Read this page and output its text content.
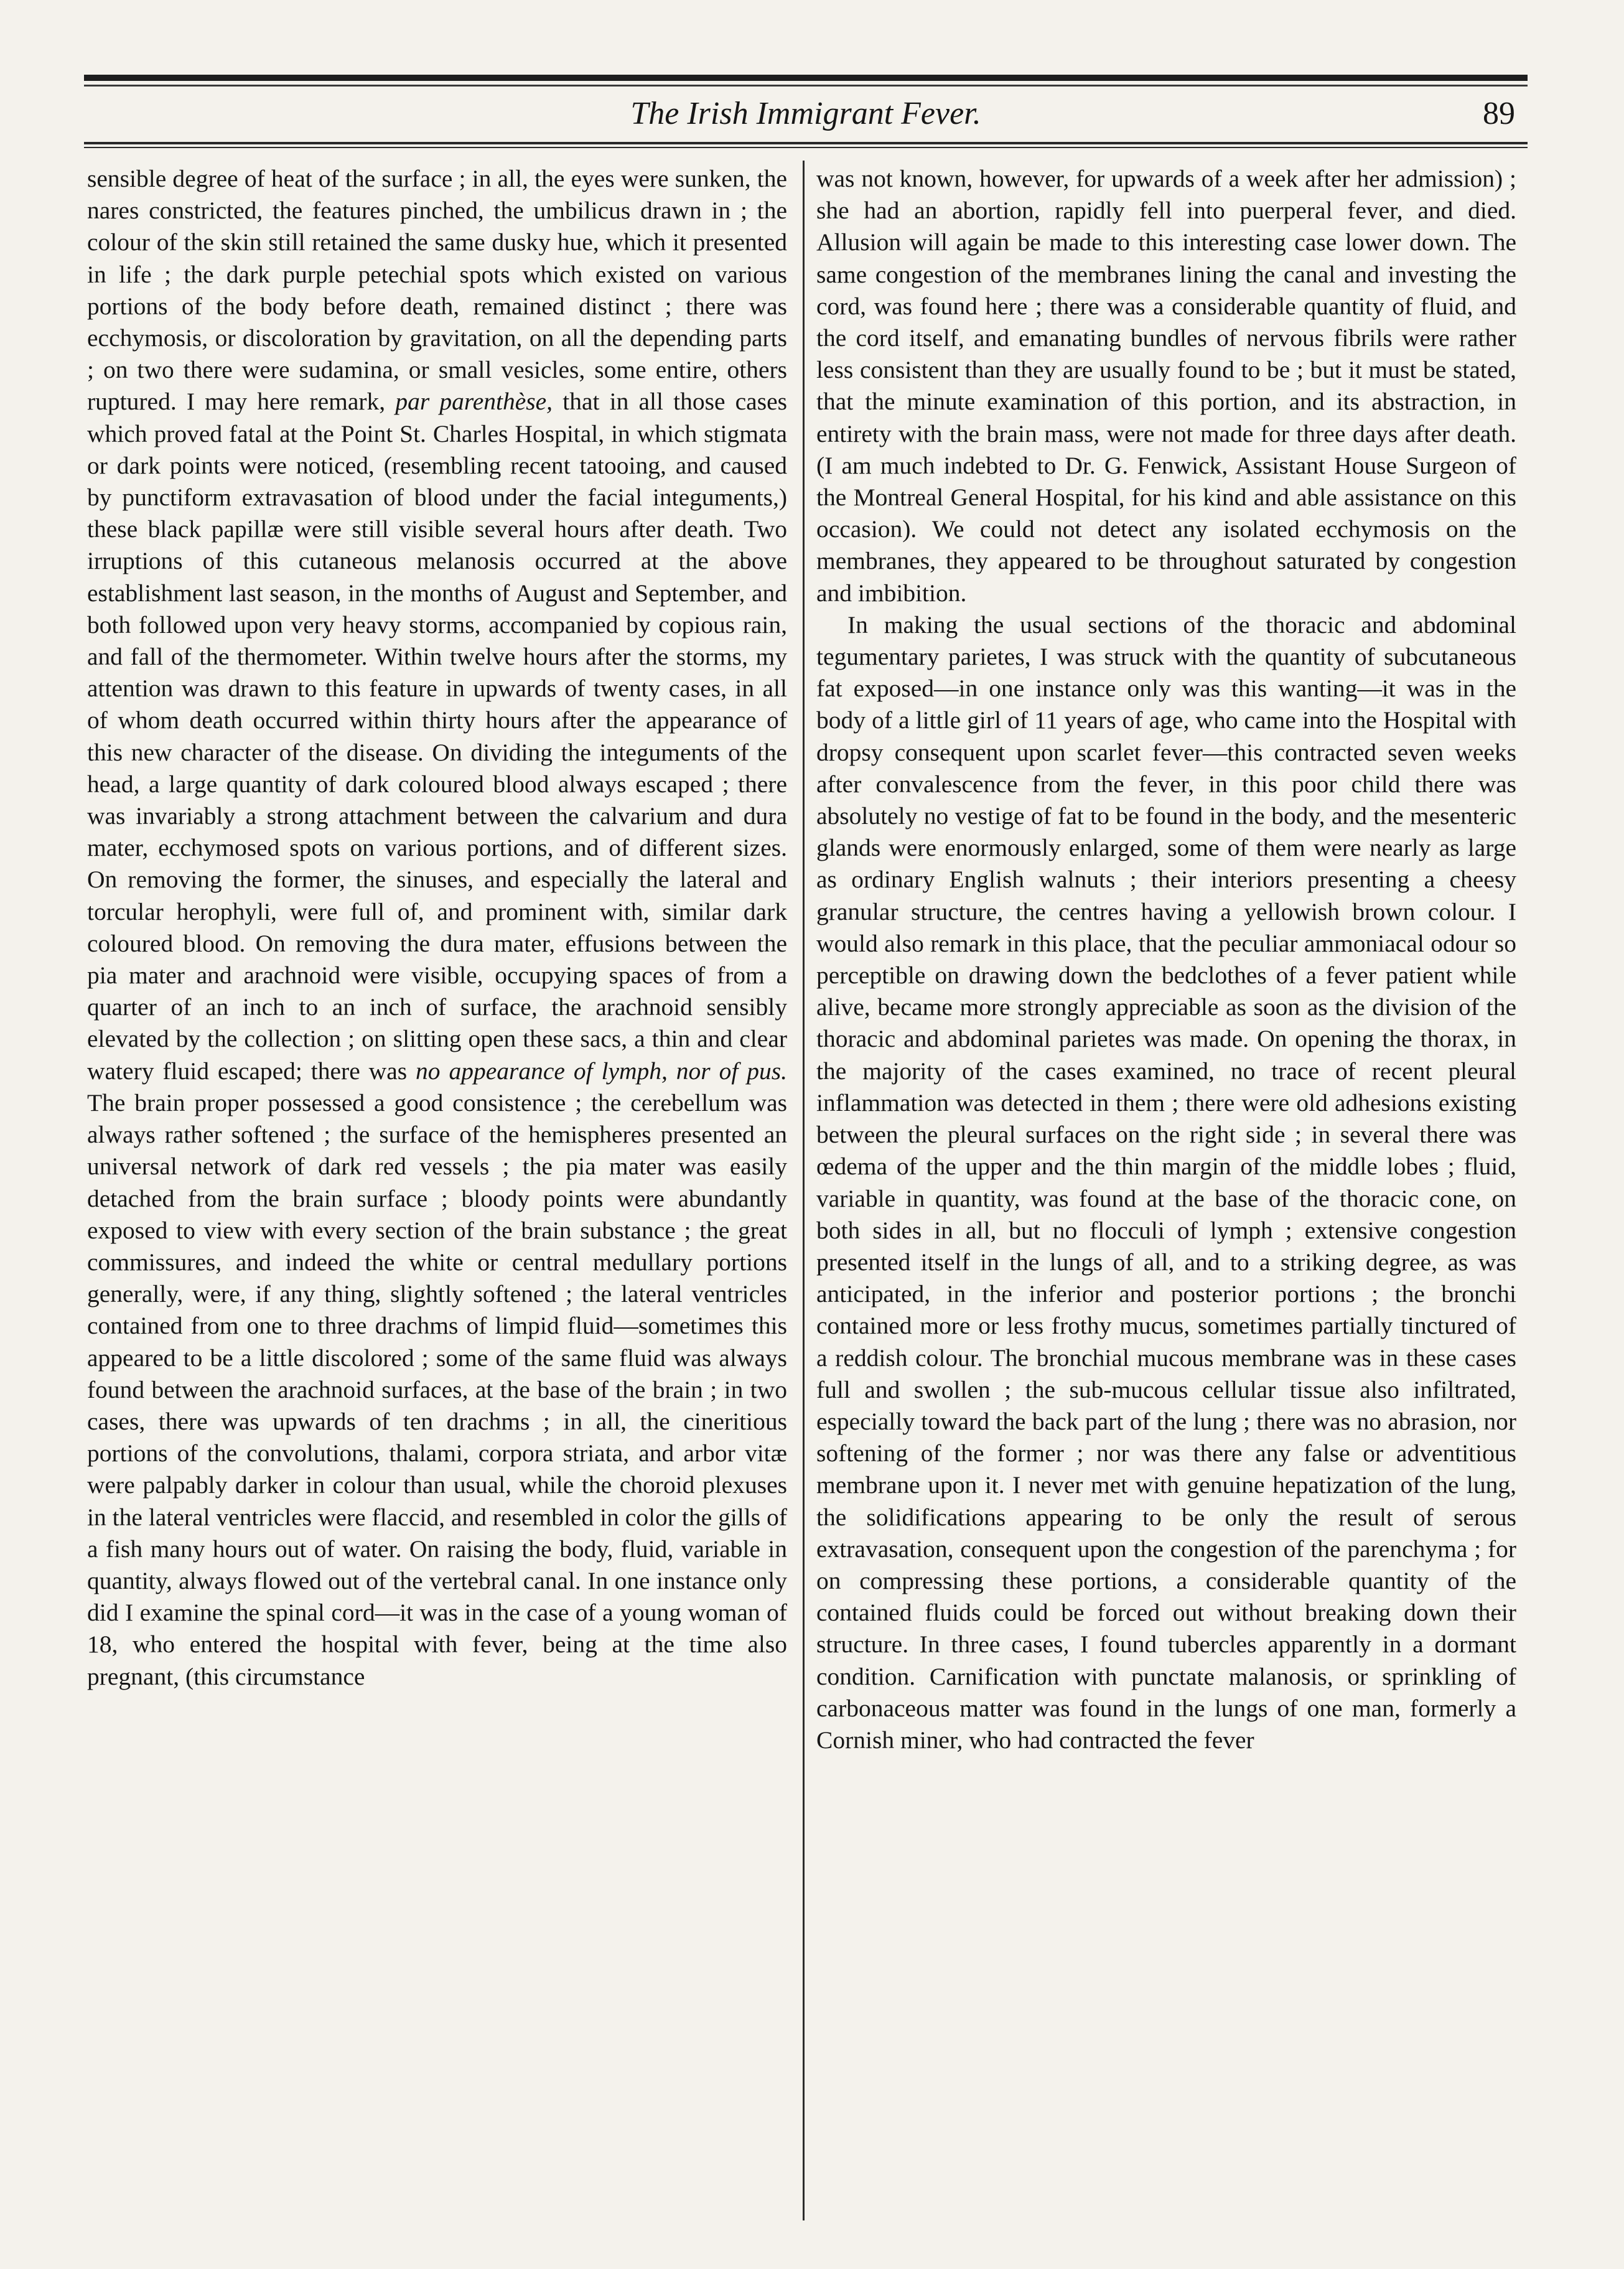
The Irish Immigrant Fever.	89

sensible degree of heat of the surface ; in all, the eyes were sunken, the nares constricted, the features pinched, the umbilicus drawn in ; the colour of the skin still retained the same dusky hue, which it presented in life ; the dark purple petechial spots which existed on various portions of the body before death, remained distinct ; there was ecchymosis, or discoloration by gravitation, on all the depending parts ; on two there were sudamina, or small vesicles, some entire, others ruptured. I may here remark, par parenthèse, that in all those cases which proved fatal at the Point St. Charles Hospital, in which stigmata or dark points were noticed, (resembling recent tatooing, and caused by punctiform extravasation of blood under the facial integuments,) these black papillæ were still visible several hours after death. Two irruptions of this cutaneous melanosis occurred at the above establishment last season, in the months of August and September, and both followed upon very heavy storms, accompanied by copious rain, and fall of the thermometer. Within twelve hours after the storms, my attention was drawn to this feature in upwards of twenty cases, in all of whom death occurred within thirty hours after the appearance of this new character of the disease. On dividing the integuments of the head, a large quantity of dark coloured blood always escaped ; there was invariably a strong attachment between the calvarium and dura mater, ecchymosed spots on various portions, and of different sizes. On removing the former, the sinuses, and especially the lateral and torcular herophyli, were full of, and prominent with, similar dark coloured blood. On removing the dura mater, effusions between the pia mater and arachnoid were visible, occupying spaces of from a quarter of an inch to an inch of surface, the arachnoid sensibly elevated by the collection ; on slitting open these sacs, a thin and clear watery fluid escaped; there was no appearance of lymph, nor of pus. The brain proper possessed a good consistence ; the cerebellum was always rather softened ; the surface of the hemispheres presented an universal network of dark red vessels ; the pia mater was easily detached from the brain surface ; bloody points were abundantly exposed to view with every section of the brain substance ; the great commissures, and indeed the white or central medullary portions generally, were, if any thing, slightly softened ; the lateral ventricles contained from one to three drachms of limpid fluid—sometimes this appeared to be a little discolored ; some of the same fluid was always found between the arachnoid surfaces, at the base of the brain ; in two cases, there was upwards of ten drachms ; in all, the cineritious portions of the convolutions, thalami, corpora striata, and arbor vitæ were palpably darker in colour than usual, while the choroid plexuses in the lateral ventricles were flaccid, and resembled in color the gills of a fish many hours out of water. On raising the body, fluid, variable in quantity, always flowed out of the vertebral canal. In one instance only did I examine the spinal cord—it was in the case of a young woman of 18, who entered the hospital with fever, being at the time also pregnant, (this circumstance

was not known, however, for upwards of a week after her admission) ; she had an abortion, rapidly fell into puerperal fever, and died. Allusion will again be made to this interesting case lower down. The same congestion of the membranes lining the canal and investing the cord, was found here ; there was a considerable quantity of fluid, and the cord itself, and emanating bundles of nervous fibrils were rather less consistent than they are usually found to be ; but it must be stated, that the minute examination of this portion, and its abstraction, in entirety with the brain mass, were not made for three days after death. (I am much indebted to Dr. G. Fenwick, Assistant House Surgeon of the Montreal General Hospital, for his kind and able assistance on this occasion). We could not detect any isolated ecchymosis on the membranes, they appeared to be throughout saturated by congestion and imbibition.

In making the usual sections of the thoracic and abdominal tegumentary parietes, I was struck with the quantity of subcutaneous fat exposed—in one instance only was this wanting—it was in the body of a little girl of 11 years of age, who came into the Hospital with dropsy consequent upon scarlet fever—this contracted seven weeks after convalescence from the fever, in this poor child there was absolutely no vestige of fat to be found in the body, and the mesenteric glands were enormously enlarged, some of them were nearly as large as ordinary English walnuts ; their interiors presenting a cheesy granular structure, the centres having a yellowish brown colour. I would also remark in this place, that the peculiar ammoniacal odour so perceptible on drawing down the bedclothes of a fever patient while alive, became more strongly appreciable as soon as the division of the thoracic and abdominal parietes was made. On opening the thorax, in the majority of the cases examined, no trace of recent pleural inflammation was detected in them ; there were old adhesions existing between the pleural surfaces on the right side ; in several there was œdema of the upper and the thin margin of the middle lobes ; fluid, variable in quantity, was found at the base of the thoracic cone, on both sides in all, but no flocculi of lymph ; extensive congestion presented itself in the lungs of all, and to a striking degree, as was anticipated, in the inferior and posterior portions ; the bronchi contained more or less frothy mucus, sometimes partially tinctured of a reddish colour. The bronchial mucous membrane was in these cases full and swollen ; the sub-mucous cellular tissue also infiltrated, especially toward the back part of the lung ; there was no abrasion, nor softening of the former ; nor was there any false or adventitious membrane upon it. I never met with genuine hepatization of the lung, the solidifications appearing to be only the result of serous extravasation, consequent upon the congestion of the parenchyma ; for on compressing these portions, a considerable quantity of the contained fluids could be forced out without breaking down their structure. In three cases, I found tubercles apparently in a dormant condition. Carnification with punctate malanosis, or sprinkling of carbonaceous matter was found in the lungs of one man, formerly a Cornish miner, who had contracted the fever
